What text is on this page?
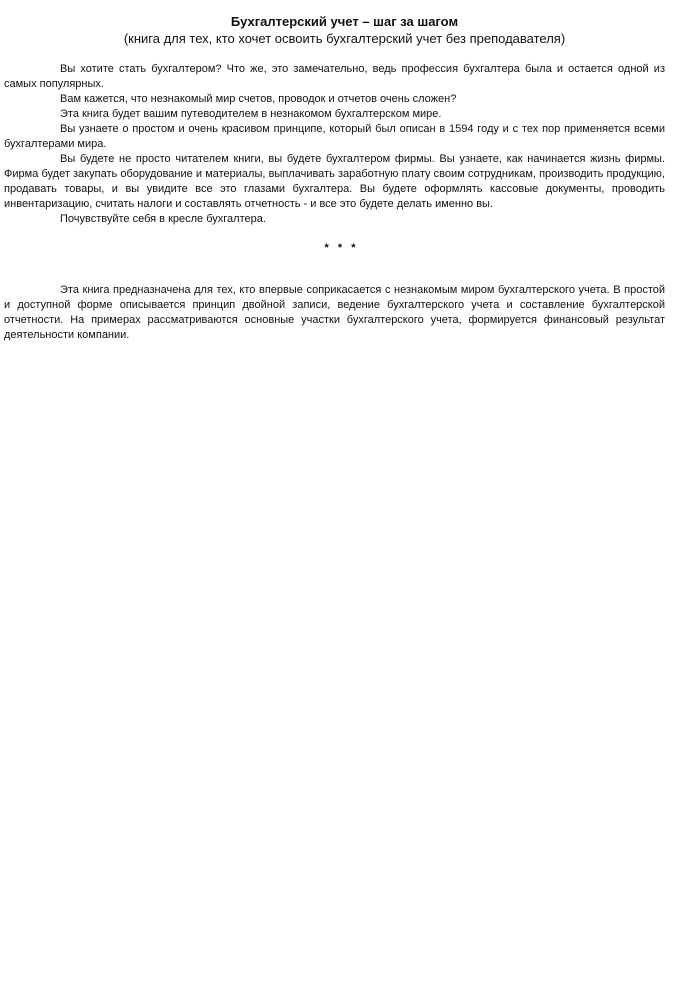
Бухгалтерский учет – шаг за шагом
(книга для тех, кто хочет освоить бухгалтерский учет без преподавателя)

Вы хотите стать бухгалтером? Что же, это замечательно, ведь профессия бухгалтера была и остается одной из самых популярных.

Вам кажется, что незнакомый мир счетов, проводок и отчетов очень сложен?

Эта книга будет вашим путеводителем в незнакомом бухгалтерском мире.

Вы узнаете о простом и очень красивом принципе, который был описан в 1594 году и с тех пор применяется всеми бухгалтерами мира.

Вы будете не просто читателем книги, вы будете бухгалтером фирмы. Вы узнаете, как начинается жизнь фирмы. Фирма будет закупать оборудование и материалы, выплачивать заработную плату своим сотрудникам, производить продукцию, продавать товары, и вы увидите все это глазами бухгалтера. Вы будете оформлять кассовые документы, проводить инвентаризацию, считать налоги и составлять отчетность - и все это будете делать именно вы.

Почувствуйте себя в кресле бухгалтера.

* * *

Эта книга предназначена для тех, кто впервые соприкасается с незнакомым миром бухгалтерского учета. В простой и доступной форме описывается принцип двойной записи, ведение бухгалтерского учета и составление бухгалтерской отчетности. На примерах рассматриваются основные участки бухгалтерского учета, формируется финансовый результат деятельности компании.
